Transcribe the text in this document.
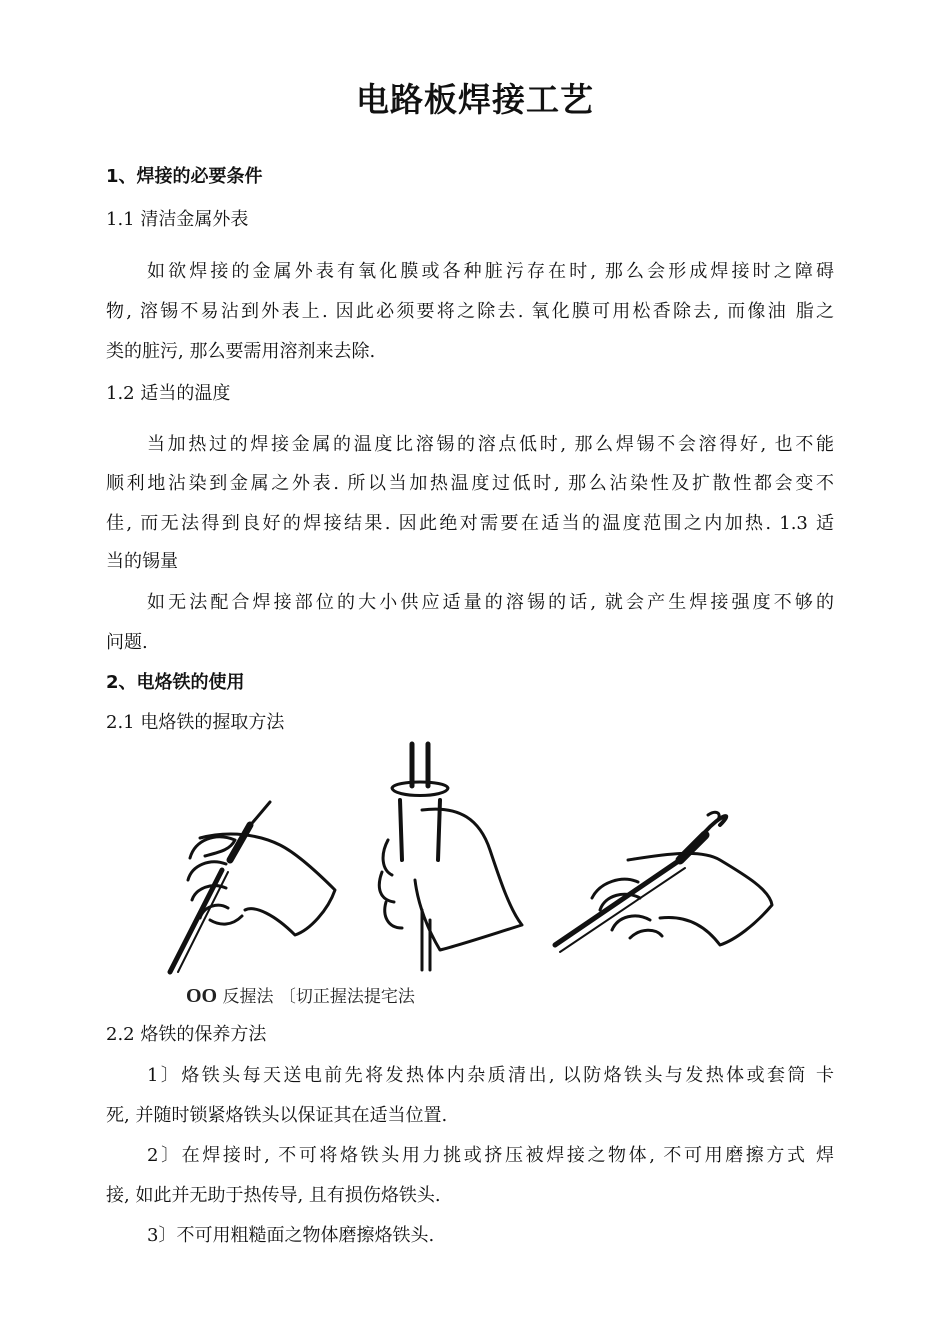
电路板焊接工艺
1、焊接的必要条件
1.1 清洁金属外表
如欲焊接的金属外表有氧化膜或各种脏污存在时, 那么会形成焊接时之障碍
物, 溶锡不易沾到外表上. 因此必须要将之除去. 氧化膜可用松香除去, 而像油 脂之
类的脏污, 那么要需用溶剂来去除.
1.2 适当的温度
当加热过的焊接金属的温度比溶锡的溶点低时, 那么焊锡不会溶得好, 也不能
顺利地沾染到金属之外表. 所以当加热温度过低时, 那么沾染性及扩散性都会变不
佳, 而无法得到良好的焊接结果. 因此绝对需要在适当的温度范围之内加热. 1.3 适
当的锡量
如无法配合焊接部位的大小供应适量的溶锡的话, 就会产生焊接强度不够的
问题.
2、电烙铁的使用
2.1 电烙铁的握取方法
OO 反握法 〔切正握法提宅法
2.2 烙铁的保养方法
1〕烙铁头每天送电前先将发热体内杂质清出, 以防烙铁头与发热体或套筒 卡
死, 并随时锁紧烙铁头以保证其在适当位置.
2〕在焊接时, 不可将烙铁头用力挑或挤压被焊接之物体, 不可用磨擦方式 焊
接, 如此并无助于热传导, 且有损伤烙铁头.
3〕不可用粗糙面之物体磨擦烙铁头.
